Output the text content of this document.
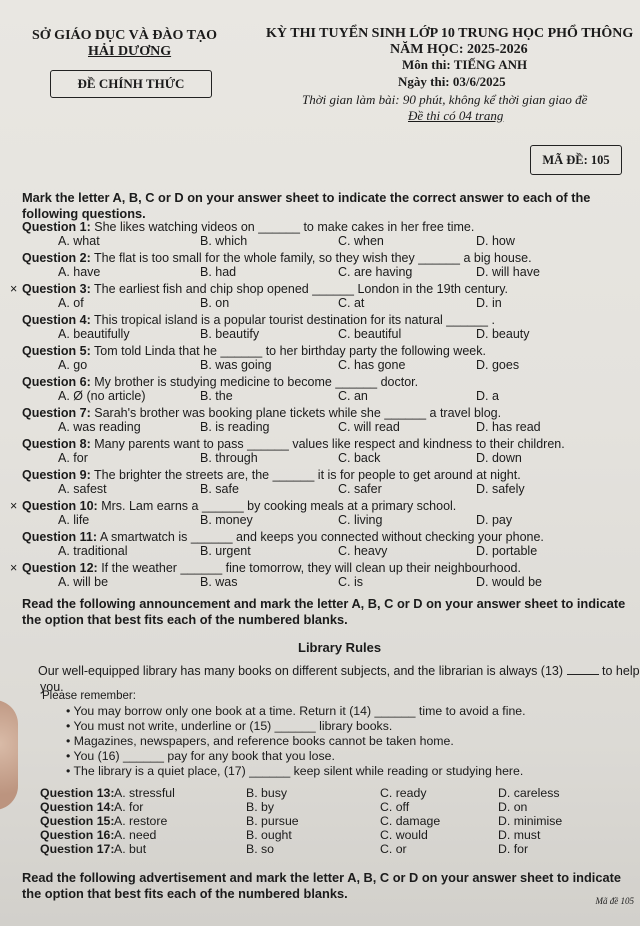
SỞ GIÁO DỤC VÀ ĐÀO TẠO
HẢI DƯƠNG
ĐỀ CHÍNH THỨC
KỲ THI TUYỂN SINH LỚP 10 TRUNG HỌC PHỔ THÔNG
NĂM HỌC: 2025-2026
Môn thi: TIẾNG ANH
Ngày thi: 03/6/2025
Thời gian làm bài: 90 phút, không kể thời gian giao đề
Đề thi có 04 trang
MÃ ĐỀ: 105
Mark the letter A, B, C or D on your answer sheet to indicate the correct answer to each of the
following questions.
Question 1: She likes watching videos on ______ to make cakes in her free time.
A. what	B. which	C. when	D. how
Question 2: The flat is too small for the whole family, so they wish they ______ a big house.
A. have	B. had	C. are having	D. will have
× Question 3: The earliest fish and chip shop opened ______ London in the 19th century.
A. of	B. on	C. at	D. in
Question 4: This tropical island is a popular tourist destination for its natural ______ .
A. beautifully	B. beautify	C. beautiful	D. beauty
Question 5: Tom told Linda that he ______ to her birthday party the following week.
A. go	B. was going	C. has gone	D. goes
Question 6: My brother is studying medicine to become ______ doctor.
A. Ø (no article)	B. the	C. an	D. a
Question 7: Sarah's brother was booking plane tickets while she ______ a travel blog.
A. was reading	B. is reading	C. will read	D. has read
Question 8: Many parents want to pass ______ values like respect and kindness to their children.
A. for	B. through	C. back	D. down
Question 9: The brighter the streets are, the ______ it is for people to get around at night.
A. safest	B. safe	C. safer	D. safely
× Question 10: Mrs. Lam earns a ______ by cooking meals at a primary school.
A. life	B. money	C. living	D. pay
Question 11: A smartwatch is ______ and keeps you connected without checking your phone.
A. traditional	B. urgent	C. heavy	D. portable
× Question 12: If the weather ______ fine tomorrow, they will clean up their neighbourhood.
A. will be	B. was	C. is	D. would be
Read the following announcement and mark the letter A, B, C or D on your answer sheet to indicate
the option that best fits each of the numbered blanks.
Library Rules
Our well-equipped library has many books on different subjects, and the librarian is always (13)	to help
you.
Please remember:
• You may borrow only one book at a time. Return it (14) ______ time to avoid a fine.
• You must not write, underline or (15) ______ library books.
• Magazines, newspapers, and reference books cannot be taken home.
• You (16) ______ pay for any book that you lose.
• The library is a quiet place, (17) ______ keep silent while reading or studying here.
Question 13: A. stressful	B. busy	C. ready	D. careless
Question 14: A. for	B. by	C. off	D. on
Question 15: A. restore	B. pursue	C. damage	D. minimise
Question 16: A. need	B. ought	C. would	D. must
Question 17: A. but	B. so	C. or	D. for
Read the following advertisement and mark the letter A, B, C or D on your answer sheet to indicate
the option that best fits each of the numbered blanks.	Mã đề 105
